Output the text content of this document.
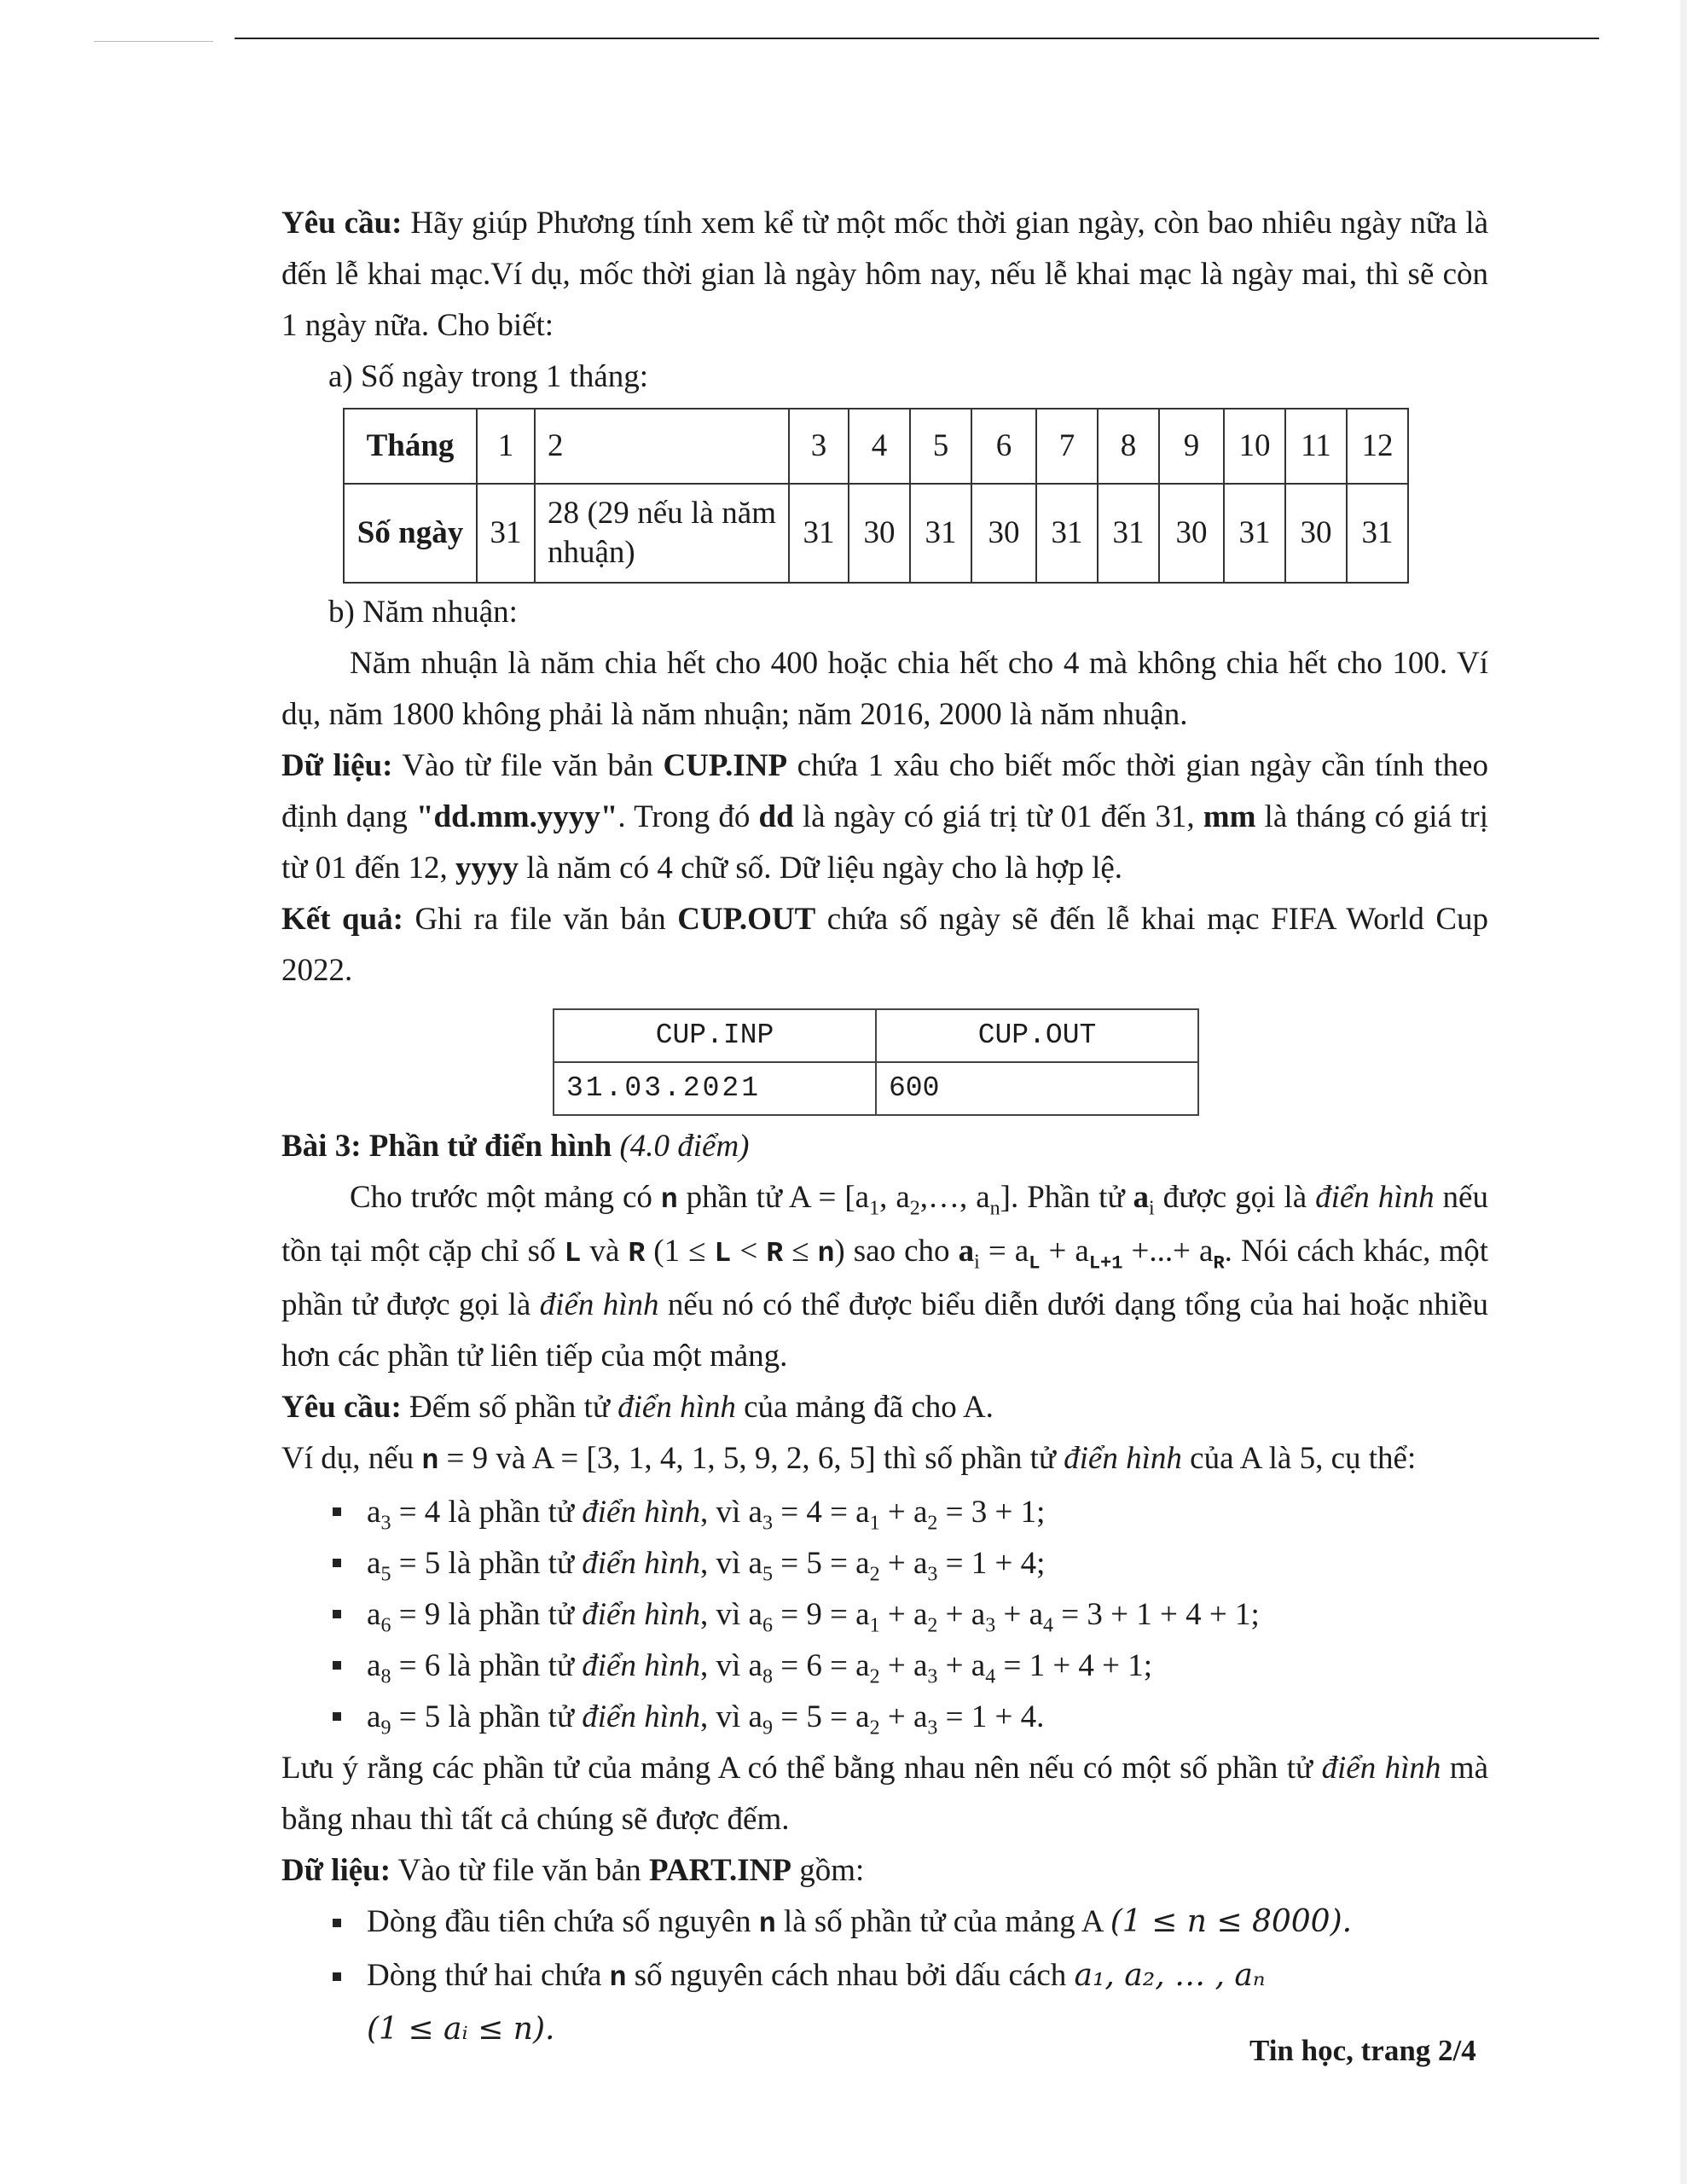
Yêu cầu: Hãy giúp Phương tính xem kể từ một mốc thời gian ngày, còn bao nhiêu ngày nữa là đến lễ khai mạc.Ví dụ, mốc thời gian là ngày hôm nay, nếu lễ khai mạc là ngày mai, thì sẽ còn 1 ngày nữa. Cho biết:

a) Số ngày trong 1 tháng:

Tháng	1	2	3	4	5	6	7	8	9	10	11	12
Số ngày	31	28 (29 nếu là năm nhuận)	31	30	31	30	31	31	30	31	30	31

b) Năm nhuận:

Năm nhuận là năm chia hết cho 400 hoặc chia hết cho 4 mà không chia hết cho 100. Ví dụ, năm 1800 không phải là năm nhuận; năm 2016, 2000 là năm nhuận.

Dữ liệu: Vào từ file văn bản CUP.INP chứa 1 xâu cho biết mốc thời gian ngày cần tính theo định dạng "dd.mm.yyyy". Trong đó dd là ngày có giá trị từ 01 đến 31, mm là tháng có giá trị từ 01 đến 12, yyyy là năm có 4 chữ số. Dữ liệu ngày cho là hợp lệ.

Kết quả: Ghi ra file văn bản CUP.OUT chứa số ngày sẽ đến lễ khai mạc FIFA World Cup 2022.

CUP.INP	CUP.OUT
31.03.2021	600

Bài 3: Phần tử điển hình (4.0 điểm)

Cho trước một mảng có n phần tử $A = [a_1$, $a_2,\dots$, $a_n$]. Phần tử $a_i$ được gọi là điển hình nếu tồn tại một cặp chỉ số L và R (1 ≤ L < R ≤ n) sao cho $a_i = a_L + a_{L+1}$ +...+ $a_R$. Nói cách khác, một phần tử được gọi là điển hình nếu nó có thể được biểu diễn dưới dạng tổng của hai hoặc nhiều hơn các phần tử liên tiếp của một mảng.

Yêu cầu: Đếm số phần tử điển hình của mảng đã cho A.

Ví dụ, nếu n = 9 và A = [3, 1, 4, 1, 5, 9, 2, 6, 5] thì số phần tử điển hình của A là 5, cụ thể:

$a_3 = 4$ là phần tử điển hình, vì $a_3 = 4 = a_1 + a_2 = 3 + 1$;
$a_5 = 5$ là phần tử điển hình, vì $a_5 = 5 = a_2 + a_3 = 1 + 4$;
$a_6 = 9$ là phần tử điển hình, vì $a_6 = 9 = a_1 + a_2 + a_3 + a_4 = 3 + 1 + 4 + 1$;
$a_8 = 6$ là phần tử điển hình, vì $a_8 = 6 = a_2 + a_3 + a_4 = 1 + 4 + 1$;
$a_9 = 5$ là phần tử điển hình, vì $a_9 = 5 = a_2 + a_3 = 1 + 4$.

Lưu ý rằng các phần tử của mảng A có thể bằng nhau nên nếu có một số phần tử điển hình mà bằng nhau thì tất cả chúng sẽ được đếm.

Dữ liệu: Vào từ file văn bản PART.INP gồm:

Dòng đầu tiên chứa số nguyên n là số phần tử của mảng A (1 ≤ 𝑛 ≤ 8000).
Dòng thứ hai chứa n số nguyên cách nhau bởi dấu cách 𝑎₁, 𝑎₂, … , 𝑎ₙ
(1 ≤ 𝑎ᵢ ≤ 𝑛).
Tin học, trang 2/4
